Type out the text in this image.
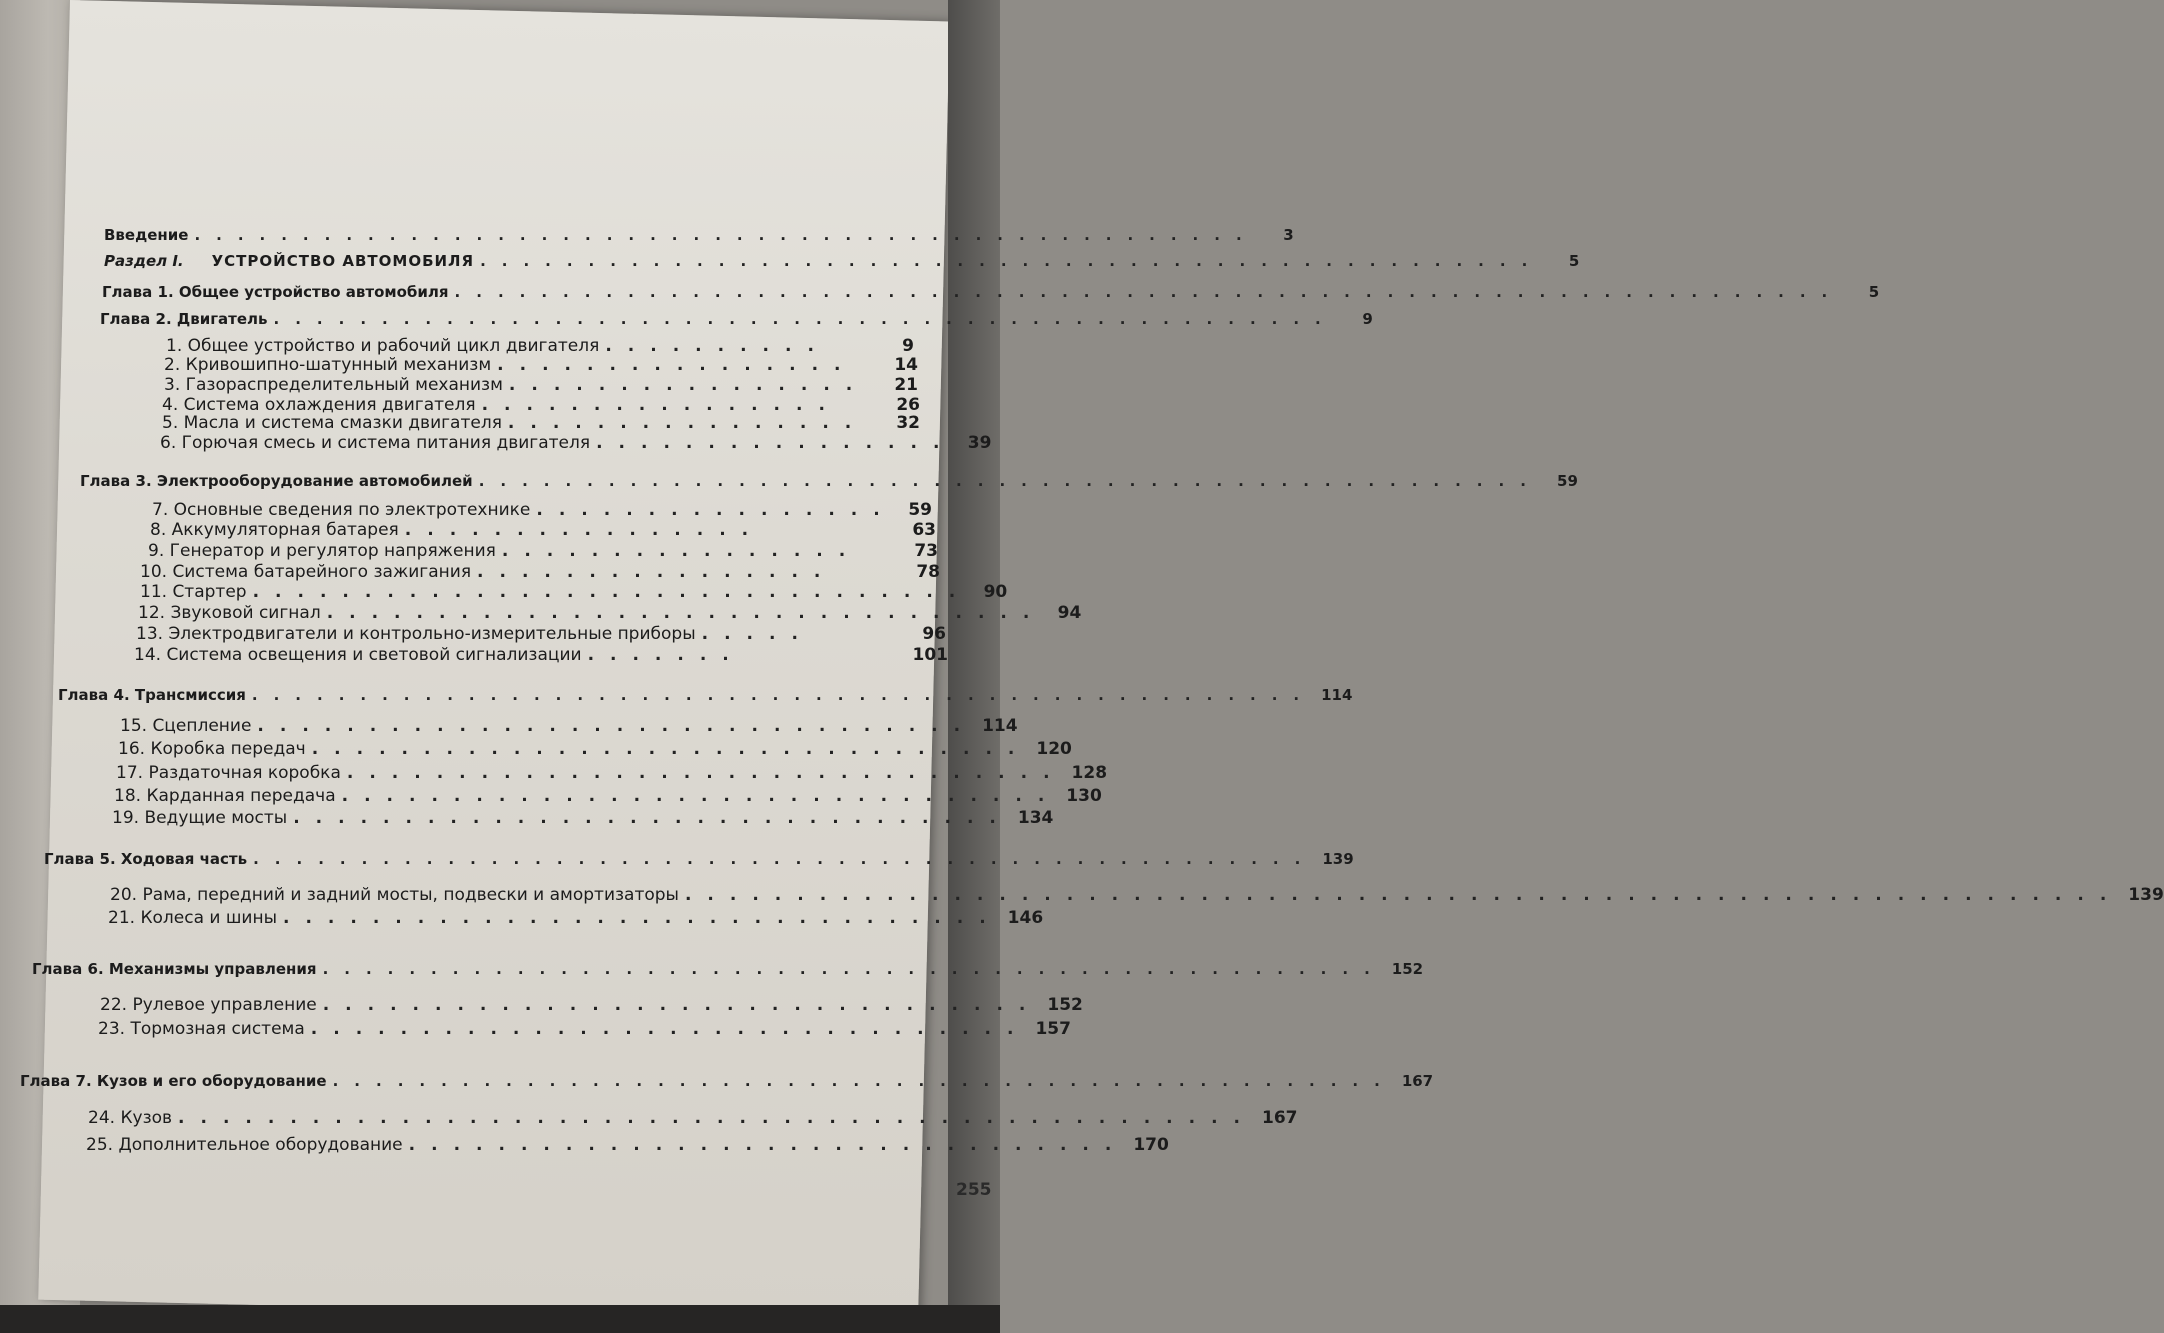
Введение .................................................	3
Раздел I. УСТРОЙСТВО АВТОМОБИЛЯ .................................................	5
Глава 1. Общее устройство автомобиля ................................................................	5
Глава 2. Двигатель .................................................	9
1. Общее устройство и рабочий цикл двигателя ..........	9
2. Кривошипно-шатунный механизм ................	14
3. Газораспределительный механизм ................	21
4. Система охлаждения двигателя ................	26
5. Масла и система смазки двигателя ................	32
6. Горючая смесь и система питания двигателя ................ 39
Глава 3. Электрооборудование автомобилей .................................................	59
7. Основные сведения по электротехнике ................ 59
8. Аккумуляторная батарея ................	63
9. Генератор и регулятор напряжения ................	73
10. Система батарейного зажигания ................	78
11. Стартер ................................ 90
12. Звуковой сигнал ................................ 94
13. Электродвигатели и контрольно-измерительные приборы .....	96
14. Система освещения и световой сигнализации .......	101
Глава 4. Трансмиссия ................................................. 114
15. Сцепление ................................ 114
16. Коробка передач ................................ 120
17. Раздаточная коробка ................................ 128
18. Карданная передача ................................ 130
19. Ведущие мосты ................................ 134
Глава 5. Ходовая часть ................................................. 139
20. Рама, передний и задний мосты, подвески и амортизаторы ................................................................ 139
21. Колеса и шины ................................ 146
Глава 6. Механизмы управления ................................................. 152
22. Рулевое управление ................................ 152
23. Тормозная система ................................ 157
Глава 7. Кузов и его оборудование ................................................. 167
24. Кузов ................................................ 167
25. Дополнительное оборудование ................................ 170
255
